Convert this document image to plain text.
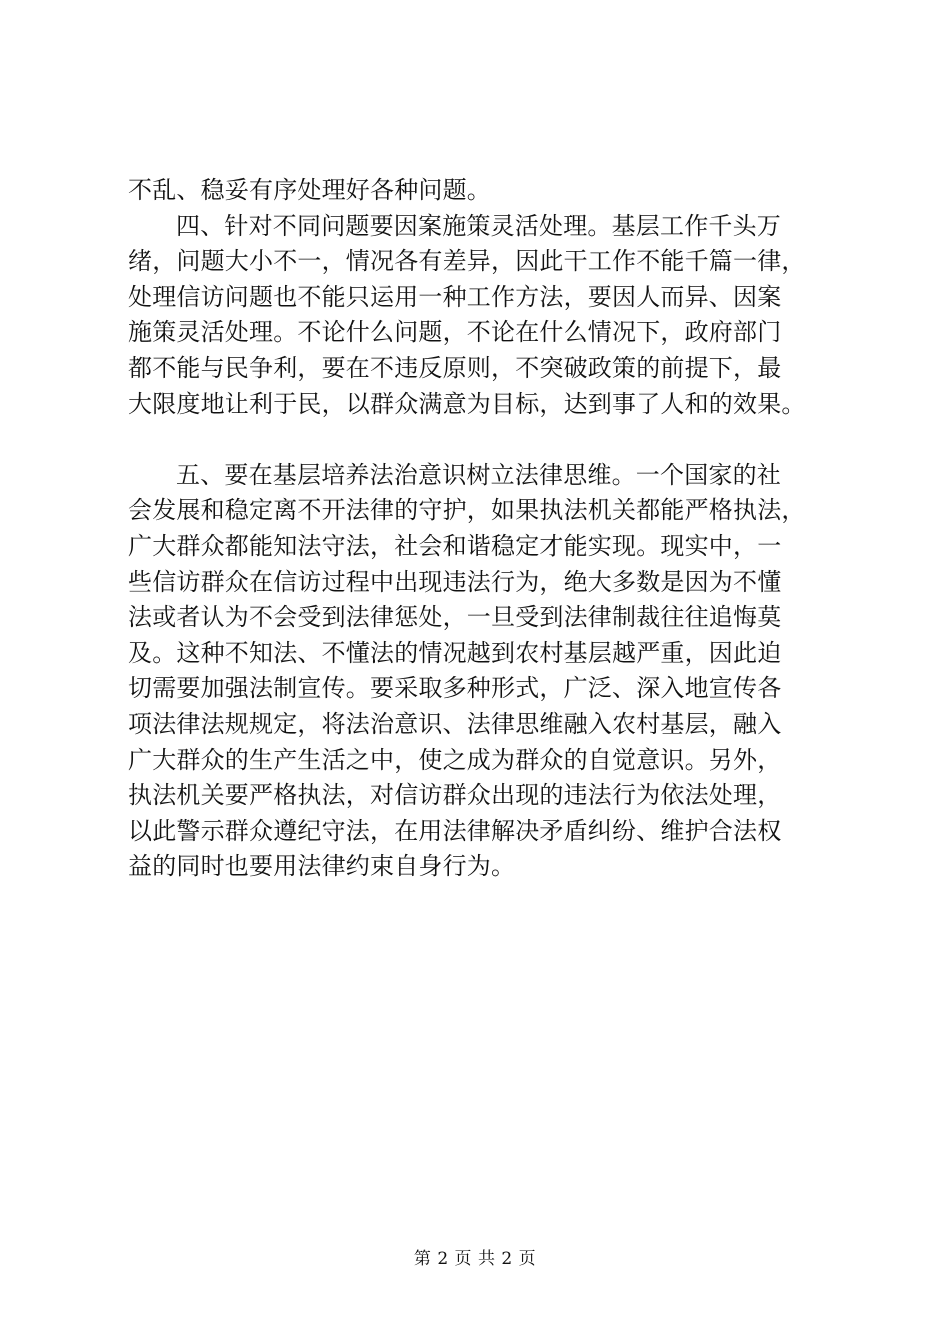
不乱、稳妥有序处理好各种问题。
四、针对不同问题要因案施策灵活处理。基层工作千头万
绪，问题大小不一，情况各有差异，因此干工作不能千篇一律，
处理信访问题也不能只运用一种工作方法，要因人而异、因案
施策灵活处理。不论什么问题，不论在什么情况下，政府部门
都不能与民争利，要在不违反原则，不突破政策的前提下，最
大限度地让利于民，以群众满意为目标，达到事了人和的效果。
五、要在基层培养法治意识树立法律思维。一个国家的社
会发展和稳定离不开法律的守护，如果执法机关都能严格执法，
广大群众都能知法守法，社会和谐稳定才能实现。现实中，一
些信访群众在信访过程中出现违法行为，绝大多数是因为不懂
法或者认为不会受到法律惩处，一旦受到法律制裁往往追悔莫
及。这种不知法、不懂法的情况越到农村基层越严重，因此迫
切需要加强法制宣传。要采取多种形式，广泛、深入地宣传各
项法律法规规定，将法治意识、法律思维融入农村基层，融入
广大群众的生产生活之中，使之成为群众的自觉意识。另外，
执法机关要严格执法，对信访群众出现的违法行为依法处理，
以此警示群众遵纪守法，在用法律解决矛盾纠纷、维护合法权
益的同时也要用法律约束自身行为。
第 2 页 共 2 页
